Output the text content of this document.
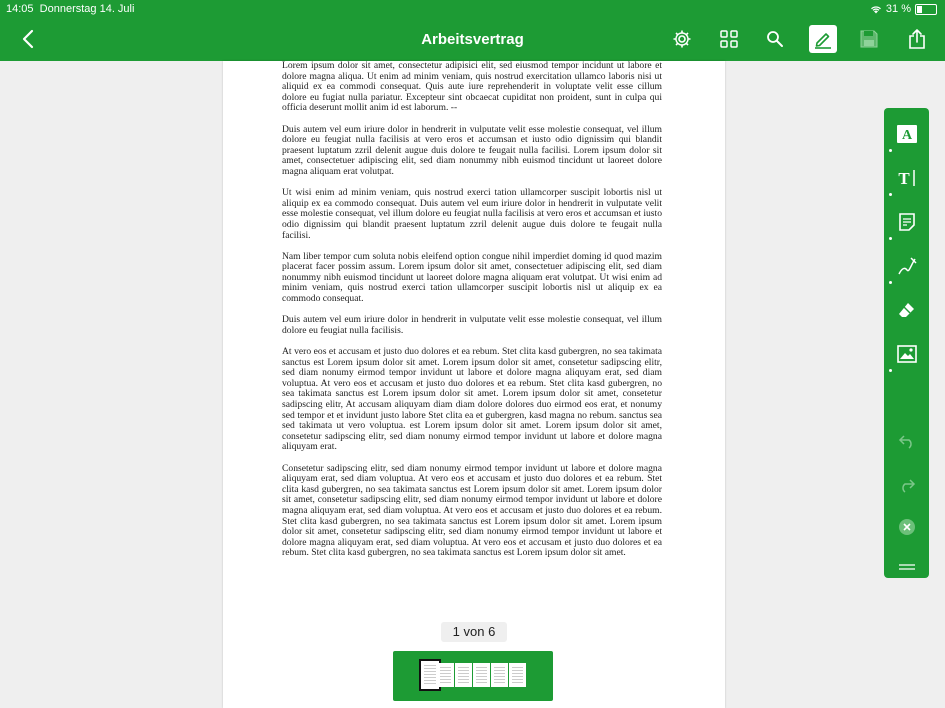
14:05 Donnerstag 14. Juli	31 %
Arbeitsvertrag

Lorem ipsum dolor sit amet, consectetur adipisici elit, sed eiusmod tempor incidunt ut labore et dolore magna aliqua. Ut enim ad minim veniam, quis nostrud exercitation ullamco laboris nisi ut aliquid ex ea commodi consequat. Quis aute iure reprehenderit in voluptate velit esse cillum dolore eu fugiat nulla pariatur. Excepteur sint obcaecat cupiditat non proident, sunt in culpa qui officia deserunt mollit anim id est laborum. --

Duis autem vel eum iriure dolor in hendrerit in vulputate velit esse molestie consequat, vel illum dolore eu feugiat nulla facilisis at vero eros et accumsan et iusto odio dignissim qui blandit praesent luptatum zzril delenit augue duis dolore te feugait nulla facilisi. Lorem ipsum dolor sit amet, consectetuer adipiscing elit, sed diam nonummy nibh euismod tincidunt ut laoreet dolore magna aliquam erat volutpat.

Ut wisi enim ad minim veniam, quis nostrud exerci tation ullamcorper suscipit lobortis nisl ut aliquip ex ea commodo consequat. Duis autem vel eum iriure dolor in hendrerit in vulputate velit esse molestie consequat, vel illum dolore eu feugiat nulla facilisis at vero eros et accumsan et iusto odio dignissim qui blandit praesent luptatum zzril delenit augue duis dolore te feugait nulla facilisi.

Nam liber tempor cum soluta nobis eleifend option congue nihil imperdiet doming id quod mazim placerat facer possim assum. Lorem ipsum dolor sit amet, consectetuer adipiscing elit, sed diam nonummy nibh euismod tincidunt ut laoreet dolore magna aliquam erat volutpat. Ut wisi enim ad minim veniam, quis nostrud exerci tation ullamcorper suscipit lobortis nisl ut aliquip ex ea commodo consequat.

Duis autem vel eum iriure dolor in hendrerit in vulputate velit esse molestie consequat, vel illum dolore eu feugiat nulla facilisis.

At vero eos et accusam et justo duo dolores et ea rebum. Stet clita kasd gubergren, no sea takimata sanctus est Lorem ipsum dolor sit amet. Lorem ipsum dolor sit amet, consetetur sadipscing elitr, sed diam nonumy eirmod tempor invidunt ut labore et dolore magna aliquyam erat, sed diam voluptua. At vero eos et accusam et justo duo dolores et ea rebum. Stet clita kasd gubergren, no sea takimata sanctus est Lorem ipsum dolor sit amet. Lorem ipsum dolor sit amet, consetetur sadipscing elitr, At accusam aliquyam diam diam dolore dolores duo eirmod eos erat, et nonumy sed tempor et et invidunt justo labore Stet clita ea et gubergren, kasd magna no rebum. sanctus sea sed takimata ut vero voluptua. est Lorem ipsum dolor sit amet. Lorem ipsum dolor sit amet, consetetur sadipscing elitr, sed diam nonumy eirmod tempor invidunt ut labore et dolore magna aliquyam erat.

Consetetur sadipscing elitr, sed diam nonumy eirmod tempor invidunt ut labore et dolore magna aliquyam erat, sed diam voluptua. At vero eos et accusam et justo duo dolores et ea rebum. Stet clita kasd gubergren, no sea takimata sanctus est Lorem ipsum dolor sit amet. Lorem ipsum dolor sit amet, consetetur sadipscing elitr, sed diam nonumy eirmod tempor invidunt ut labore et dolore magna aliquyam erat, sed diam voluptua. At vero eos et accusam et justo duo dolores et ea rebum. Stet clita kasd gubergren, no sea takimata sanctus est Lorem ipsum dolor sit amet. Lorem ipsum dolor sit amet, consetetur sadipscing elitr, sed diam nonumy eirmod tempor invidunt ut labore et dolore magna aliquyam erat, sed diam voluptua. At vero eos et accusam et justo duo dolores et ea rebum. Stet clita kasd gubergren, no sea takimata sanctus est Lorem ipsum dolor sit amet.

1 von 6
A
T
